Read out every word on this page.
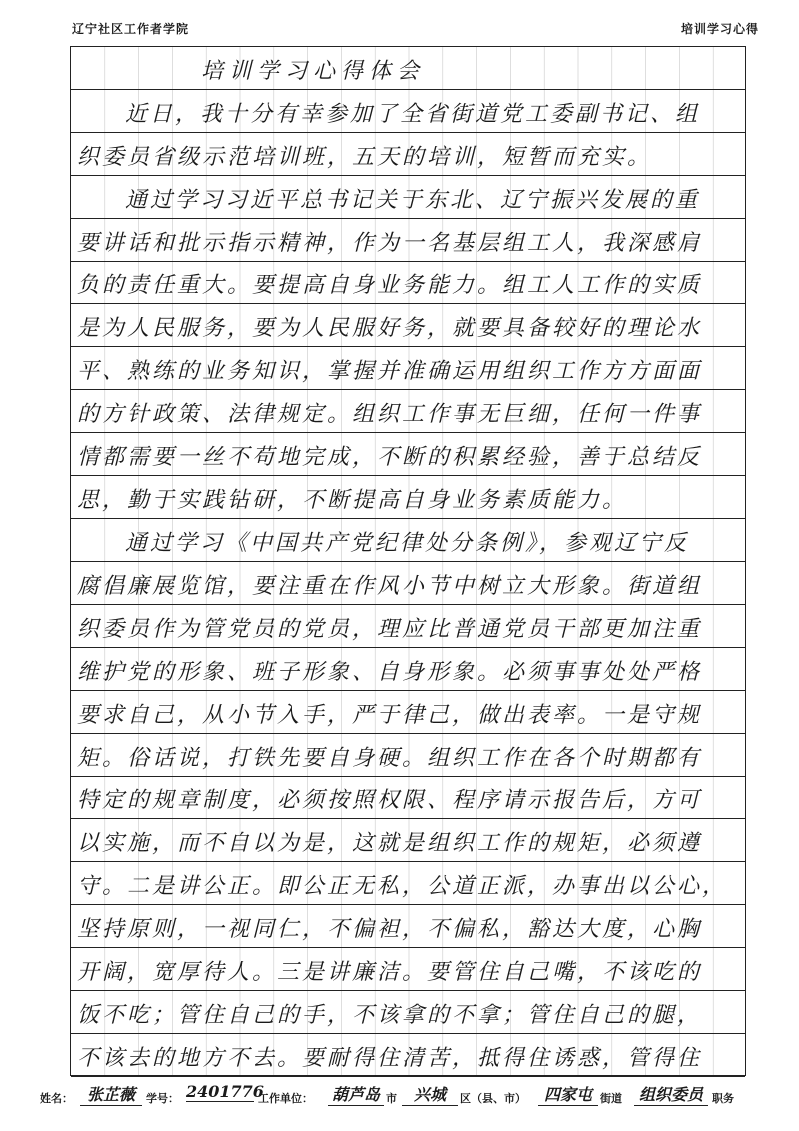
辽宁社区工作者学院	培训学习心得
培训学习心得体会
近日，我十分有幸参加了全省街道党工委副书记、组
织委员省级示范培训班，五天的培训，短暂而充实。
通过学习习近平总书记关于东北、辽宁振兴发展的重
要讲话和批示指示精神，作为一名基层组工人，我深感肩
负的责任重大。要提高自身业务能力。组工人工作的实质
是为人民服务，要为人民服好务，就要具备较好的理论水
平、熟练的业务知识，掌握并准确运用组织工作方方面面
的方针政策、法律规定。组织工作事无巨细，任何一件事
情都需要一丝不苟地完成，不断的积累经验，善于总结反
思，勤于实践钻研，不断提高自身业务素质能力。
通过学习《中国共产党纪律处分条例》，参观辽宁反
腐倡廉展览馆，要注重在作风小节中树立大形象。街道组
织委员作为管党员的党员，理应比普通党员干部更加注重
维护党的形象、班子形象、自身形象。必须事事处处严格
要求自己，从小节入手，严于律己，做出表率。一是守规
矩。俗话说，打铁先要自身硬。组织工作在各个时期都有
特定的规章制度，必须按照权限、程序请示报告后，方可
以实施，而不自以为是，这就是组织工作的规矩，必须遵
守。二是讲公正。即公正无私，公道正派，办事出以公心，
坚持原则，一视同仁，不偏袒，不偏私，豁达大度，心胸
开阔，宽厚待人。三是讲廉洁。要管住自己嘴，不该吃的
饭不吃；管住自己的手，不该拿的不拿；管住自己的腿，
不该去的地方不去。要耐得住清苦，抵得住诱惑，管得住
姓名： 张芷薇	学号： 2401776
工作单位： 葫芦岛 市	兴城	区（县、市）	四家屯 街道	组织委员 职务
